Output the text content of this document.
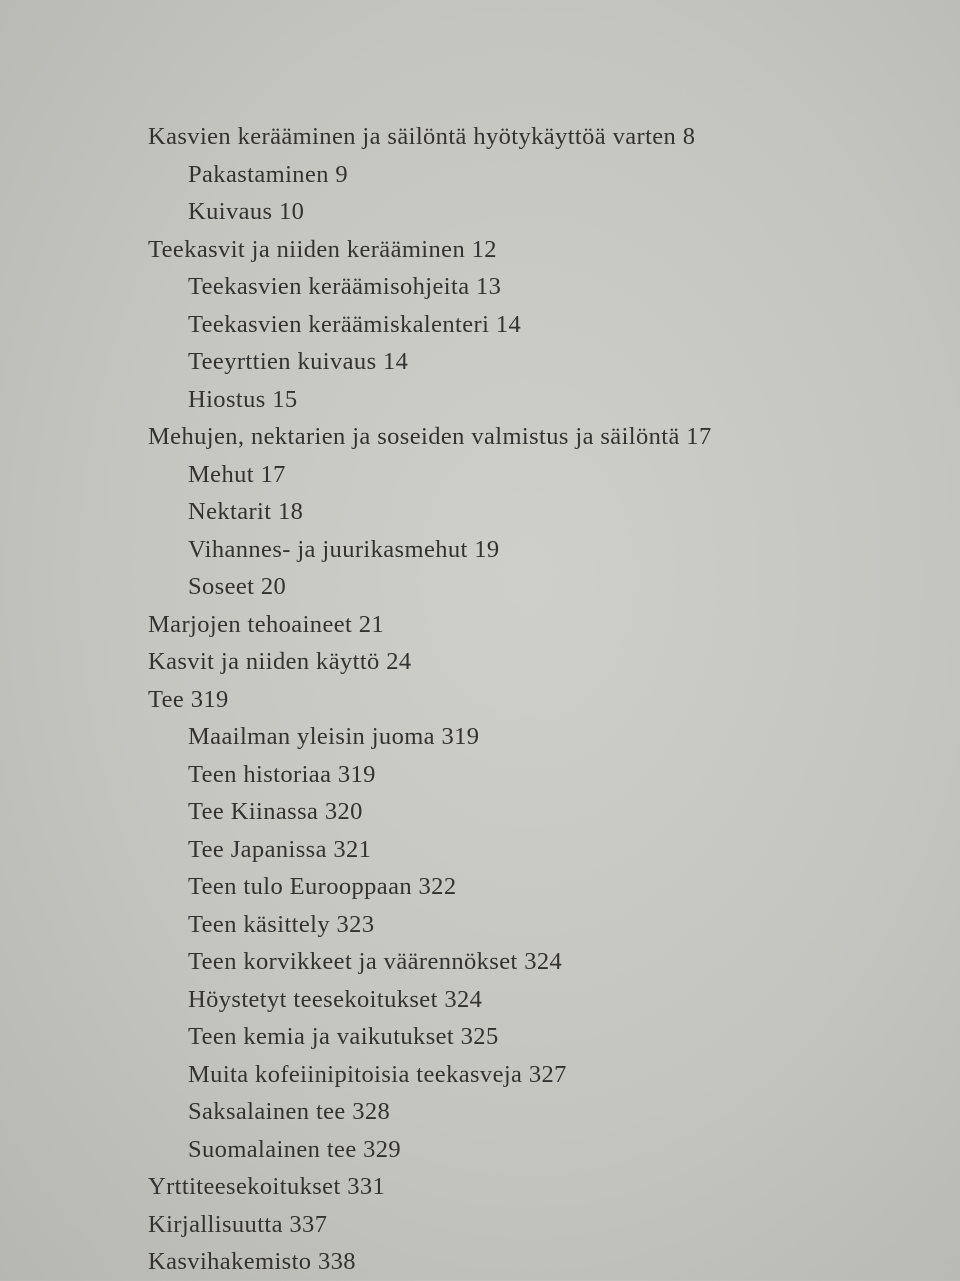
Kasvien kerääminen ja säilöntä hyötykäyttöä varten 8
Pakastaminen 9
Kuivaus 10
Teekasvit ja niiden kerääminen 12
Teekasvien keräämisohjeita 13
Teekasvien keräämiskalenteri 14
Teeyrttien kuivaus 14
Hiostus 15
Mehujen, nektarien ja soseiden valmistus ja säilöntä 17
Mehut 17
Nektarit 18
Vihannes- ja juurikasmehut 19
Soseet 20
Marjojen tehoaineet 21
Kasvit ja niiden käyttö 24
Tee 319
Maailman yleisin juoma 319
Teen historiaa 319
Tee Kiinassa 320
Tee Japanissa 321
Teen tulo Eurooppaan 322
Teen käsittely 323
Teen korvikkeet ja väärennökset 324
Höystetyt teesekoitukset 324
Teen kemia ja vaikutukset 325
Muita kofeiinipitoisia teekasveja 327
Saksalainen tee 328
Suomalainen tee 329
Yrttiteesekoitukset 331
Kirjallisuutta 337
Kasvihakemisto 338
